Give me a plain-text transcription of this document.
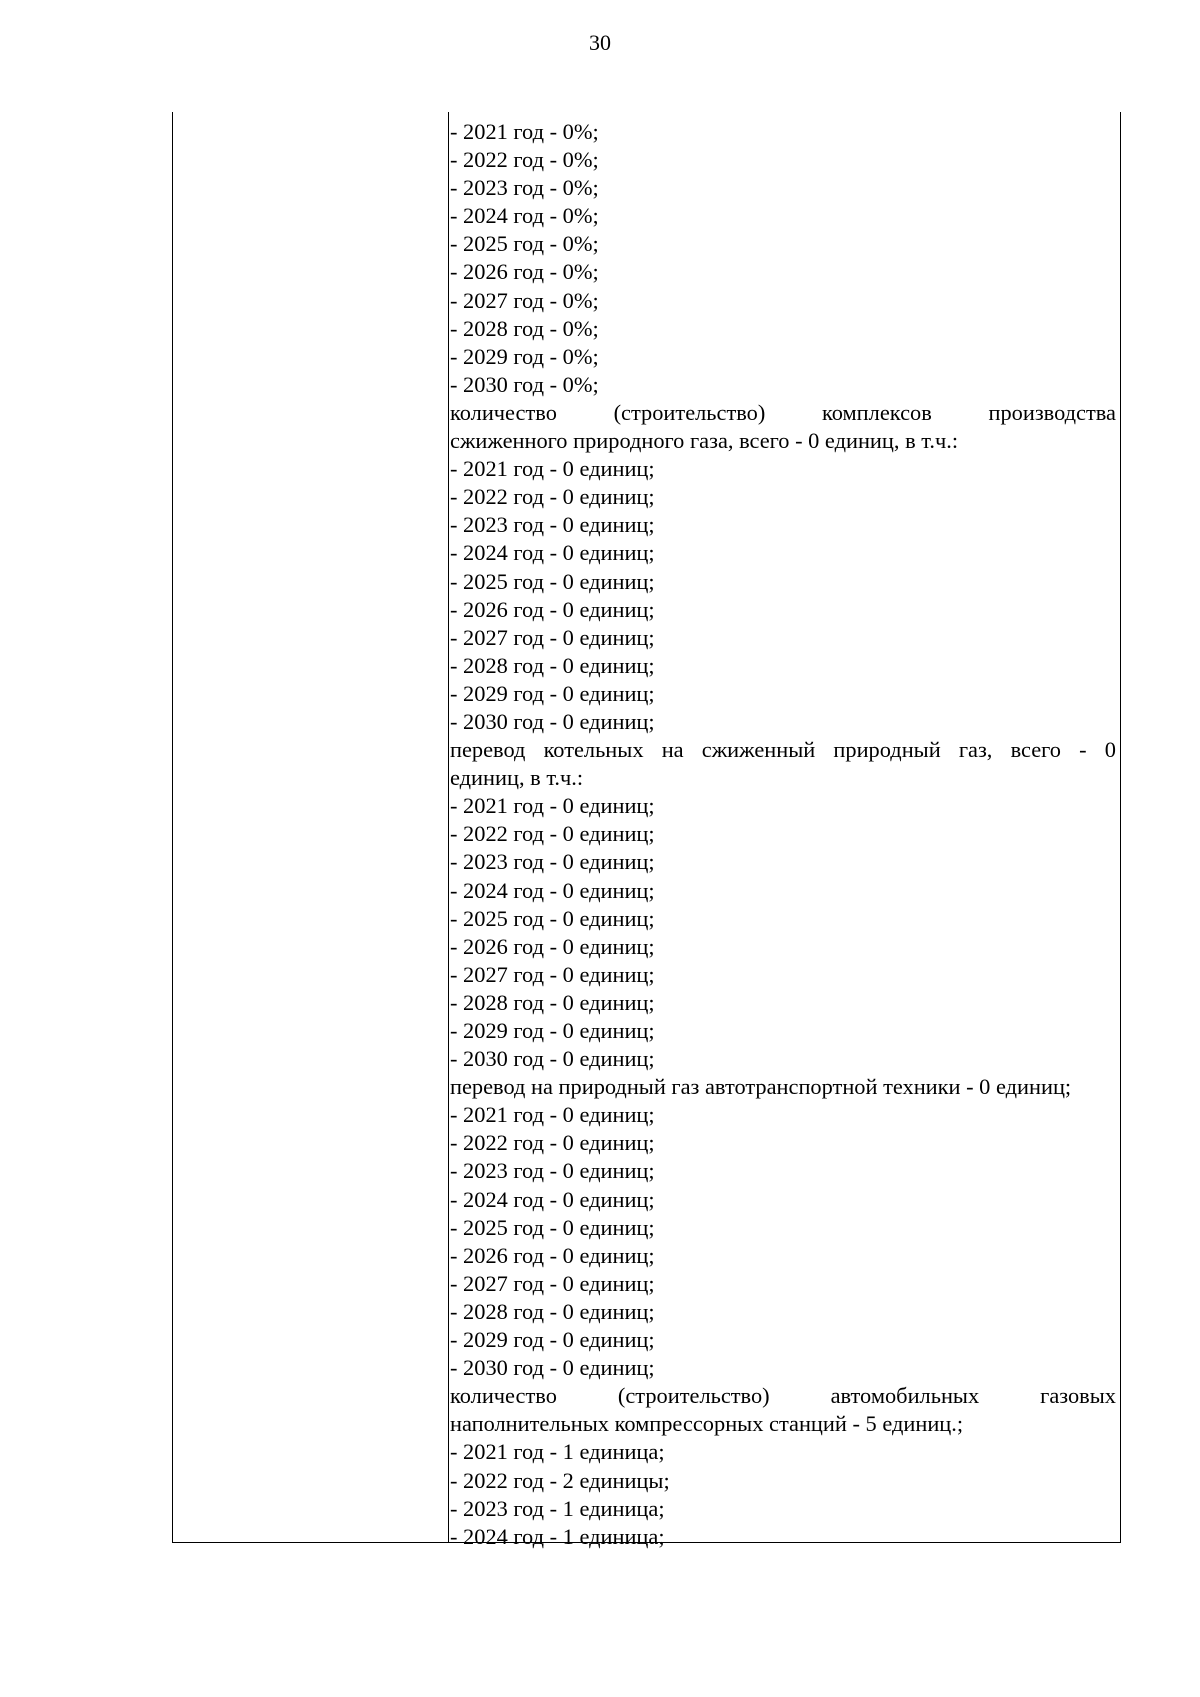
30
- 2021 год - 0%;
- 2022 год - 0%;
- 2023 год - 0%;
- 2024 год - 0%;
- 2025 год - 0%;
- 2026 год - 0%;
- 2027 год - 0%;
- 2028 год - 0%;
- 2029 год - 0%;
- 2030 год - 0%;
количество	(строительство)	комплексов	производства
сжиженного природного газа, всего - 0 единиц, в т.ч.:
- 2021 год - 0 единиц;
- 2022 год - 0 единиц;
- 2023 год - 0 единиц;
- 2024 год - 0 единиц;
- 2025 год - 0 единиц;
- 2026 год - 0 единиц;
- 2027 год - 0 единиц;
- 2028 год - 0 единиц;
- 2029 год - 0 единиц;
- 2030 год - 0 единиц;
перевод котельных на сжиженный природный газ, всего - 0
единиц, в т.ч.:
- 2021 год - 0 единиц;
- 2022 год - 0 единиц;
- 2023 год - 0 единиц;
- 2024 год - 0 единиц;
- 2025 год - 0 единиц;
- 2026 год - 0 единиц;
- 2027 год - 0 единиц;
- 2028 год - 0 единиц;
- 2029 год - 0 единиц;
- 2030 год - 0 единиц;
перевод на природный газ автотранспортной техники - 0 единиц;
- 2021 год - 0 единиц;
- 2022 год - 0 единиц;
- 2023 год - 0 единиц;
- 2024 год - 0 единиц;
- 2025 год - 0 единиц;
- 2026 год - 0 единиц;
- 2027 год - 0 единиц;
- 2028 год - 0 единиц;
- 2029 год - 0 единиц;
- 2030 год - 0 единиц;
количество	(строительство)	автомобильных	газовых
наполнительных компрессорных станций - 5 единиц.;
- 2021 год - 1 единица;
- 2022 год - 2 единицы;
- 2023 год - 1 единица;
- 2024 год - 1 единица;
